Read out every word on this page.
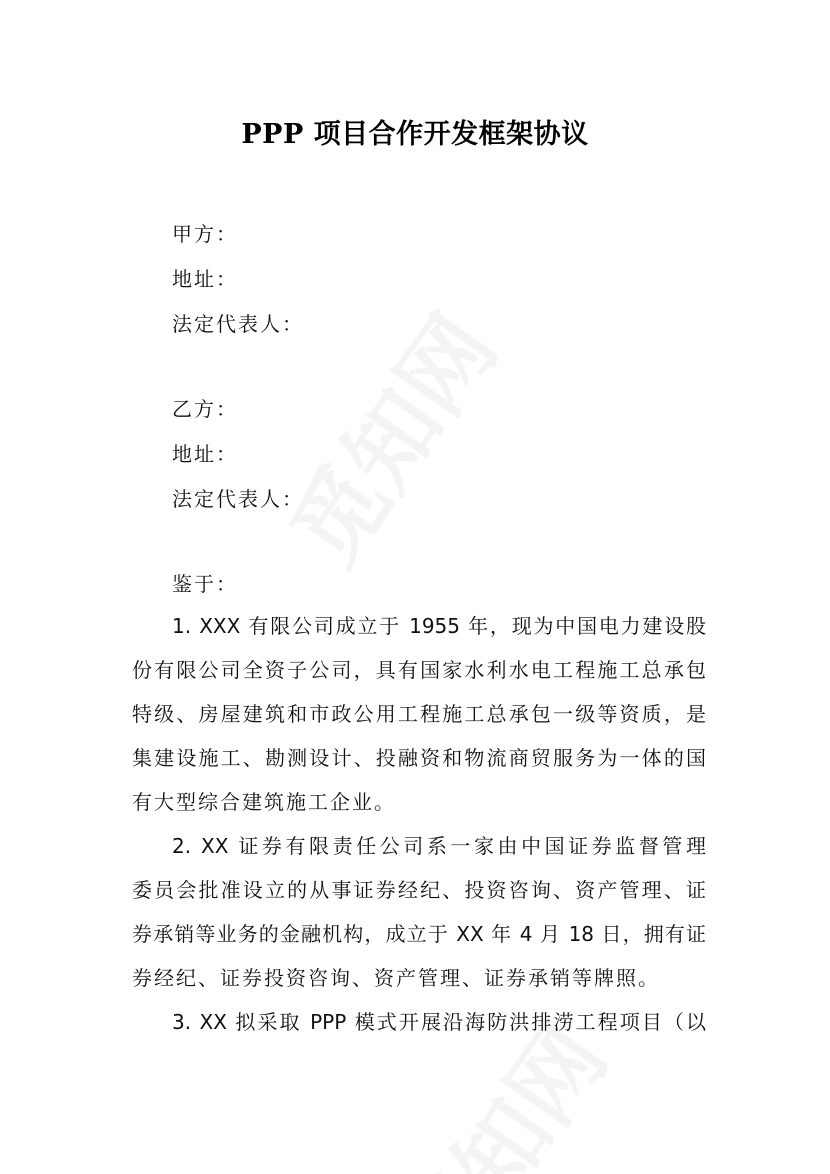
PPP 项目合作开发框架协议
甲方：
地址：
法定代表人：
乙方：
地址：
法定代表人：
鉴于：
1. XXX 有限公司成立于 1955 年，现为中国电力建设股
份有限公司全资子公司，具有国家水利水电工程施工总承包
特级、房屋建筑和市政公用工程施工总承包一级等资质，是
集建设施工、勘测设计、投融资和物流商贸服务为一体的国
有大型综合建筑施工企业。
2. XX 证券有限责任公司系一家由中国证券监督管理
委员会批准设立的从事证券经纪、投资咨询、资产管理、证
券承销等业务的金融机构，成立于 XX 年 4 月 18 日，拥有证
券经纪、证券投资咨询、资产管理、证券承销等牌照。
3. XX 拟采取 PPP 模式开展沿海防洪排涝工程项目（以
